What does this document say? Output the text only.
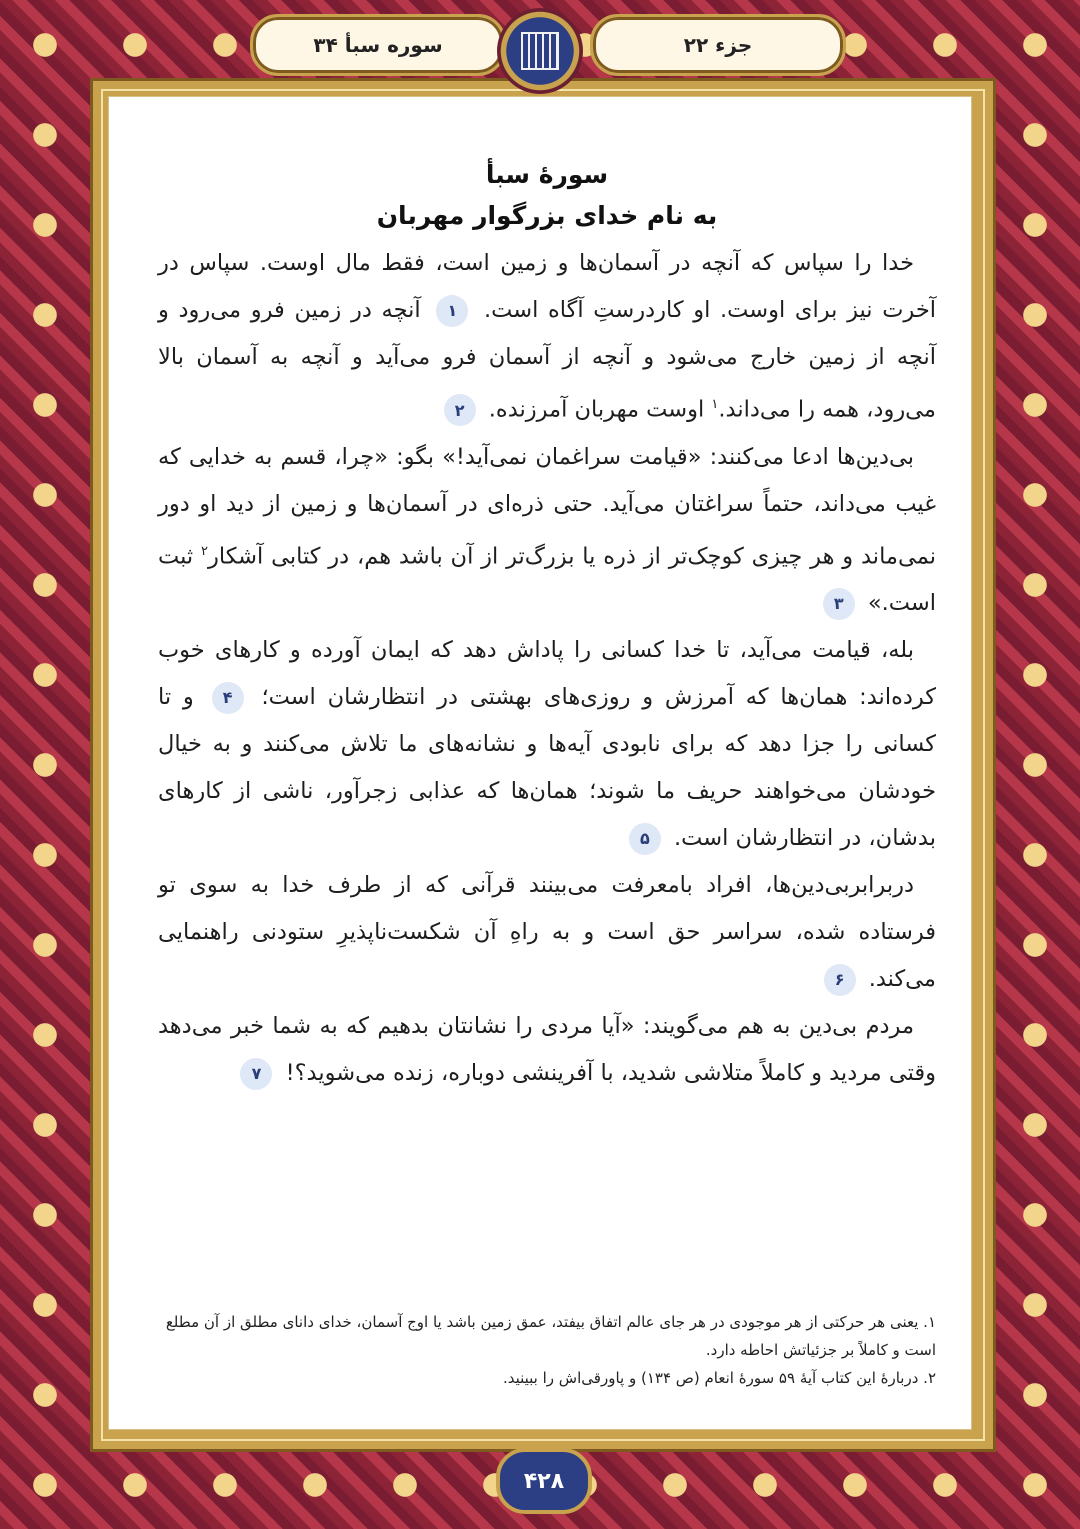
سوره سبأ ۳۴	جزء ۲۲
سورهٔ سبأ
به نام خدای بزرگوار مهربان

خدا را سپاس که آنچه در آسمان‌ها و زمین است، فقط مال اوست. سپاس در آخرت نیز برای اوست. او کاردرستِ آگاه است. ۱ آنچه در زمین فرو می‌رود و آنچه از زمین خارج می‌شود و آنچه از آسمان فرو می‌آید و آنچه به آسمان بالا می‌رود، همه را می‌داند.$^۱$ اوست مهربان آمرزنده. ۲

بی‌دین‌ها ادعا می‌کنند: «قیامت سراغمان نمی‌آید!» بگو: «چرا، قسم به خدایی که غیب می‌داند، حتماً سراغتان می‌آید. حتی ذره‌ای در آسمان‌ها و زمین از دید او دور نمی‌ماند و هر چیزی کوچک‌تر از ذره یا بزرگ‌تر از آن باشد هم، در کتابی آشکار$^۲$ ثبت است.» ۳

بله، قیامت می‌آید، تا خدا کسانی را پاداش دهد که ایمان آورده و کارهای خوب کرده‌اند: همان‌ها که آمرزش و روزی‌های بهشتی در انتظارشان است؛ ۴ و تا کسانی را جزا دهد که برای نابودی آیه‌ها و نشانه‌های ما تلاش می‌کنند و به خیال خودشان می‌خواهند حریف ما شوند؛ همان‌ها که عذابی زجرآور، ناشی از کارهای بدشان، در انتظارشان است. ۵

دربرابربی‌دین‌ها، افراد بامعرفت می‌بینند قرآنی که از طرف خدا به سوی تو فرستاده شده، سراسر حق است و به راهِ آن شکست‌ناپذیرِ ستودنی راهنمایی می‌کند. ۶

مردم بی‌دین به هم می‌گویند: «آیا مردی را نشانتان بدهیم که به شما خبر می‌دهد وقتی مردید و کاملاً متلاشی شدید، با آفرینشی دوباره، زنده می‌شوید؟! ۷

۱. یعنی هر حرکتی از هر موجودی در هر جای عالم اتفاق بیفتد، عمق زمین باشد یا اوج آسمان، خدای دانای مطلق از آن مطلع است و کاملاً بر جزئیاتش احاطه دارد.
۲. دربارهٔ این کتاب آیهٔ ۵۹ سورهٔ انعام (ص ۱۳۴) و پاورقی‌اش را ببینید.
۴۲۸
